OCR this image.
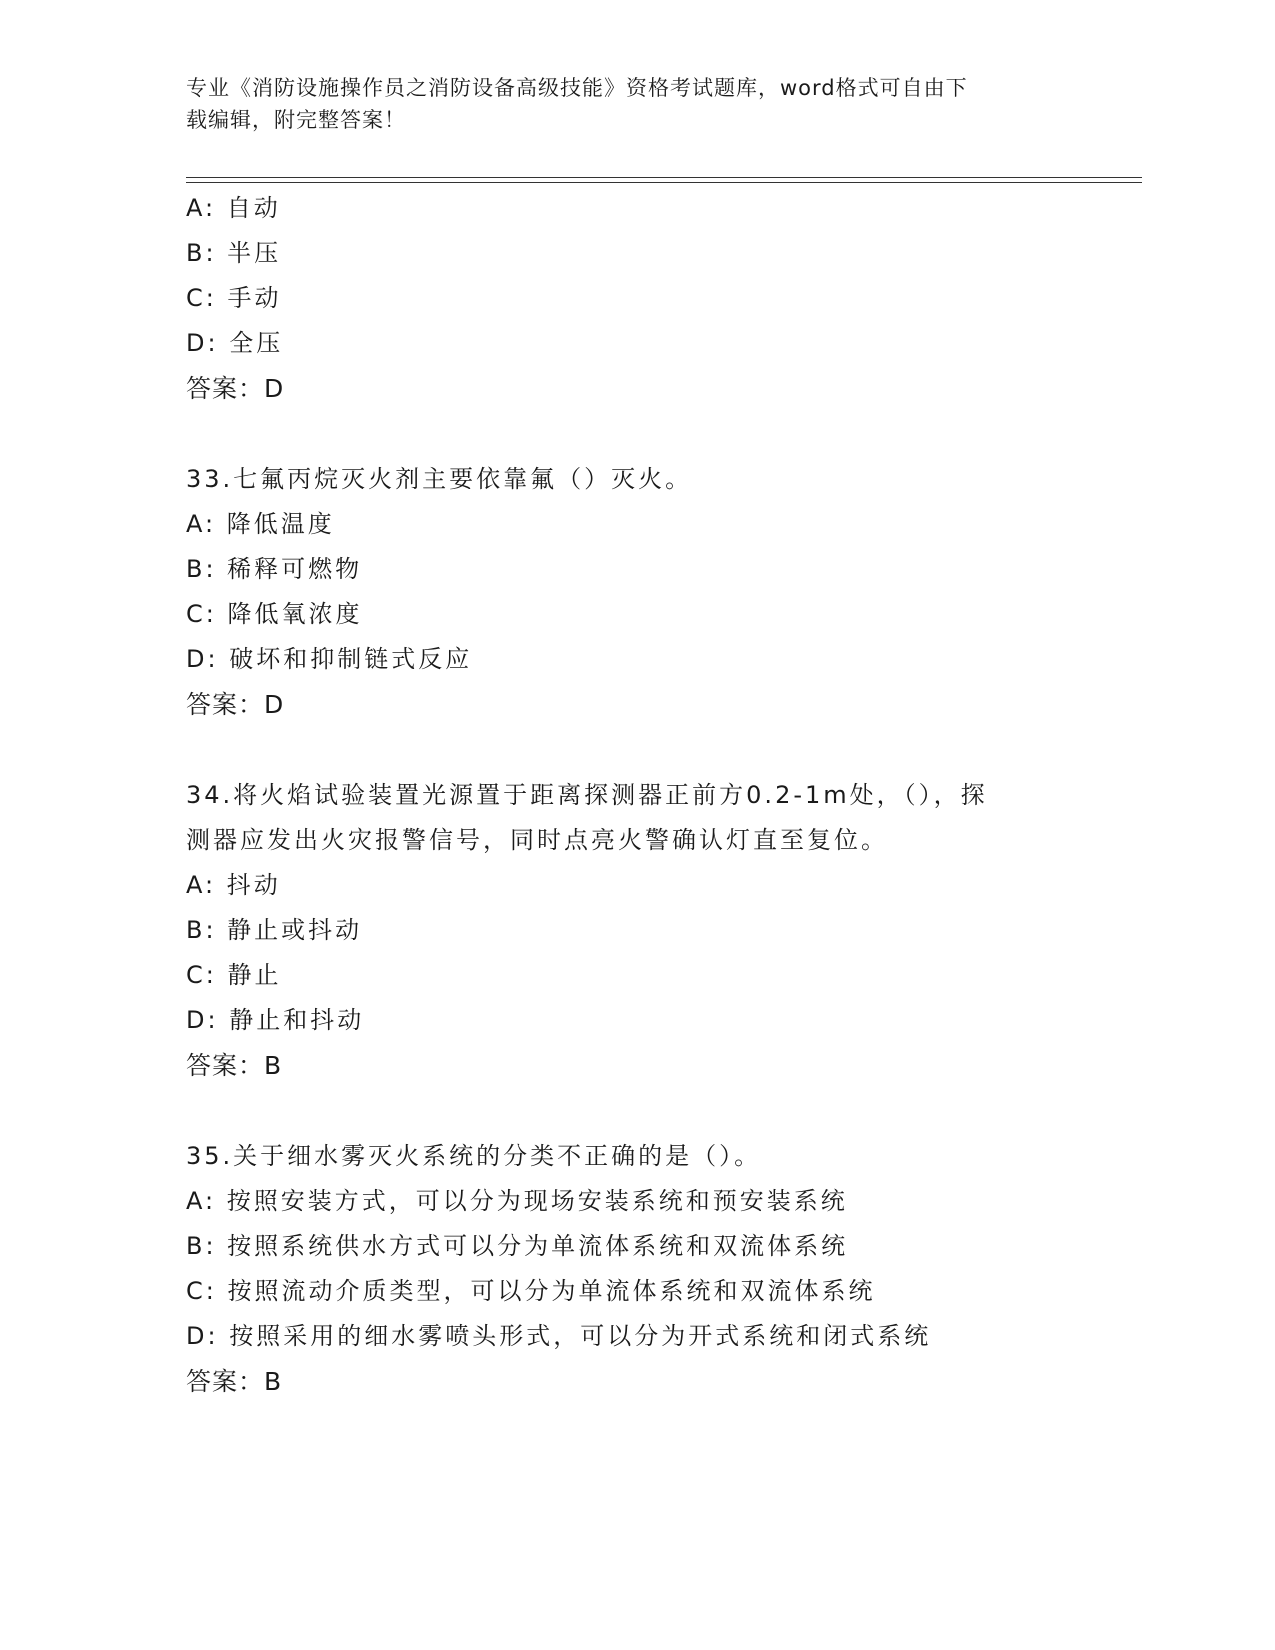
专业《消防设施操作员之消防设备高级技能》资格考试题库，word格式可自由下
载编辑，附完整答案！
A: 自动
B: 半压
C: 手动
D: 全压
答案：D
33.七氟丙烷灭火剂主要依靠氟（）灭火。
A: 降低温度
B: 稀释可燃物
C: 降低氧浓度
D: 破坏和抑制链式反应
答案：D
34.将火焰试验装置光源置于距离探测器正前方0.2-1m处，（），探
测器应发出火灾报警信号，同时点亮火警确认灯直至复位。
A: 抖动
B: 静止或抖动
C: 静止
D: 静止和抖动
答案：B
35.关于细水雾灭火系统的分类不正确的是（）。
A: 按照安装方式，可以分为现场安装系统和预安装系统
B: 按照系统供水方式可以分为单流体系统和双流体系统
C: 按照流动介质类型，可以分为单流体系统和双流体系统
D: 按照采用的细水雾喷头形式，可以分为开式系统和闭式系统
答案：B
